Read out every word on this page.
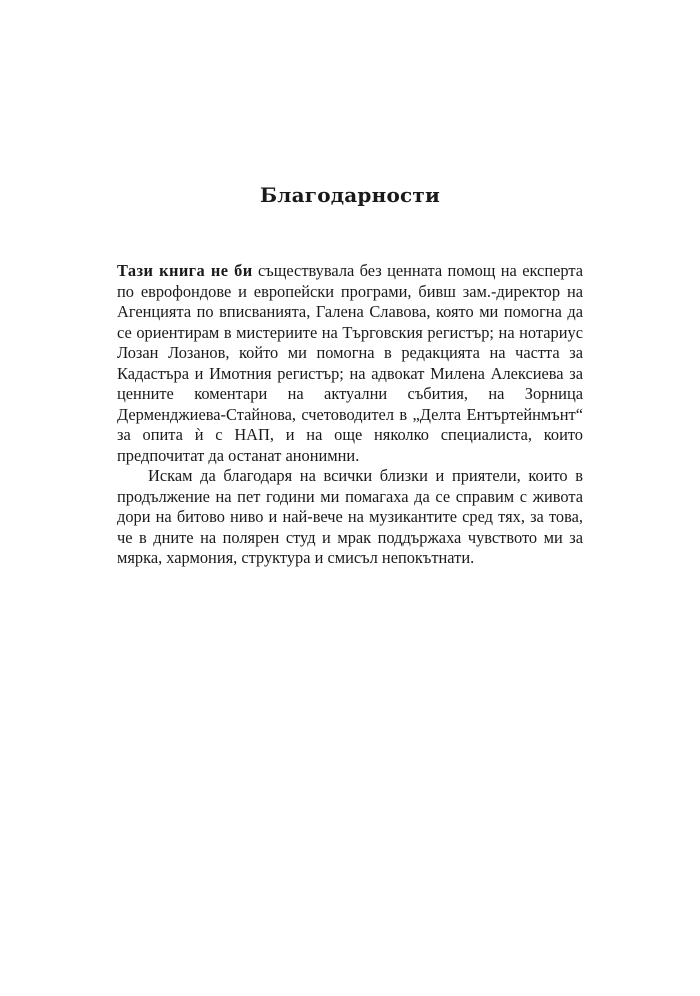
Благодарности

Тази книга не би съществувала без ценната помощ на експерта по еврофондове и европейски програми, бивш зам.-директор на Агенцията по вписванията, Галена Славова, която ми помогна да се ориентирам в мистериите на Търговския регистър; на нотариус Лозан Лозанов, който ми помогна в редакцията на частта за Кадастъра и Имотния регистър; на адвокат Милена Алексиева за ценните коментари на актуални събития, на Зорница Дерменджиева-Стайнова, счетоводител в „Делта Ентъртейнмънт“ за опита ѝ с НАП, и на още няколко специалиста, които предпочитат да останат анонимни.

Искам да благодаря на всички близки и приятели, които в продължение на пет години ми помагаха да се справим с живота дори на битово ниво и най-вече на музикантите сред тях, за това, че в дните на полярен студ и мрак поддържаха чувството ми за мярка, хармония, структура и смисъл непокътнати.
